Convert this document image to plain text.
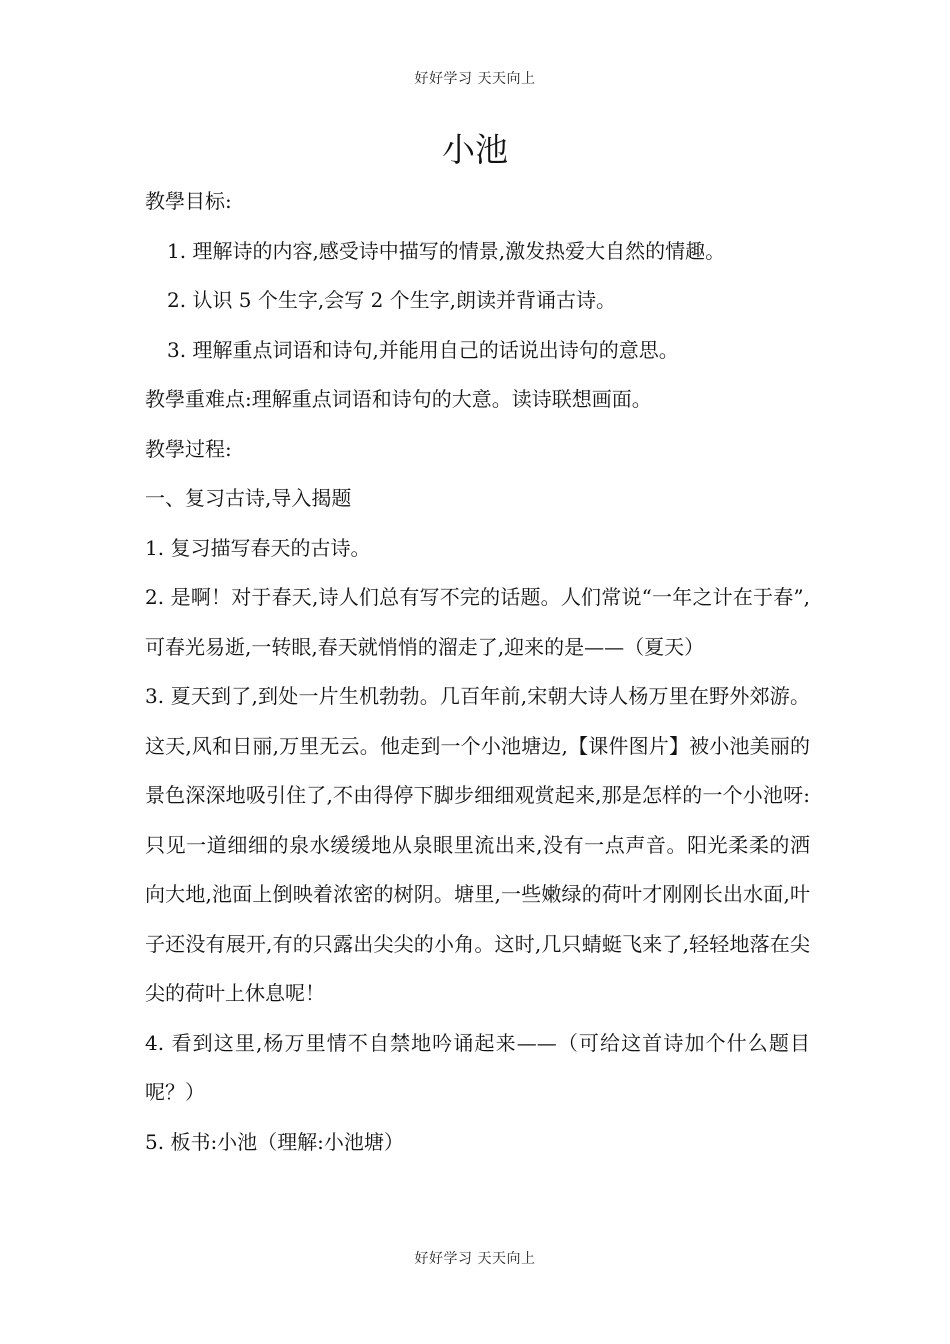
好好学习 天天向上
小池

教學目标:

1. 理解诗的内容,感受诗中描写的情景,激发热爱大自然的情趣。

2. 认识 5 个生字,会写 2 个生字,朗读并背诵古诗。

3. 理解重点词语和诗句,并能用自己的话说出诗句的意思。

教學重难点:理解重点词语和诗句的大意。读诗联想画面。

教學过程:

一、复习古诗,导入揭题

1. 复习描写春天的古诗。

2. 是啊！对于春天,诗人们总有写不完的话题。人们常说“一年之计在于春”,可春光易逝,一转眼,春天就悄悄的溜走了,迎来的是——（夏天）

3. 夏天到了,到处一片生机勃勃。几百年前,宋朝大诗人杨万里在野外郊游。这天,风和日丽,万里无云。他走到一个小池塘边,【课件图片】被小池美丽的景色深深地吸引住了,不由得停下脚步细细观赏起来,那是怎样的一个小池呀:只见一道细细的泉水缓缓地从泉眼里流出来,没有一点声音。阳光柔柔的洒向大地,池面上倒映着浓密的树阴。塘里,一些嫩绿的荷叶才刚刚长出水面,叶子还没有展开,有的只露出尖尖的小角。这时,几只蜻蜓飞来了,轻轻地落在尖尖的荷叶上休息呢！

4. 看到这里,杨万里情不自禁地吟诵起来——（可给这首诗加个什么题目呢？）

5. 板书:小池（理解:小池塘）

好好学习 天天向上
